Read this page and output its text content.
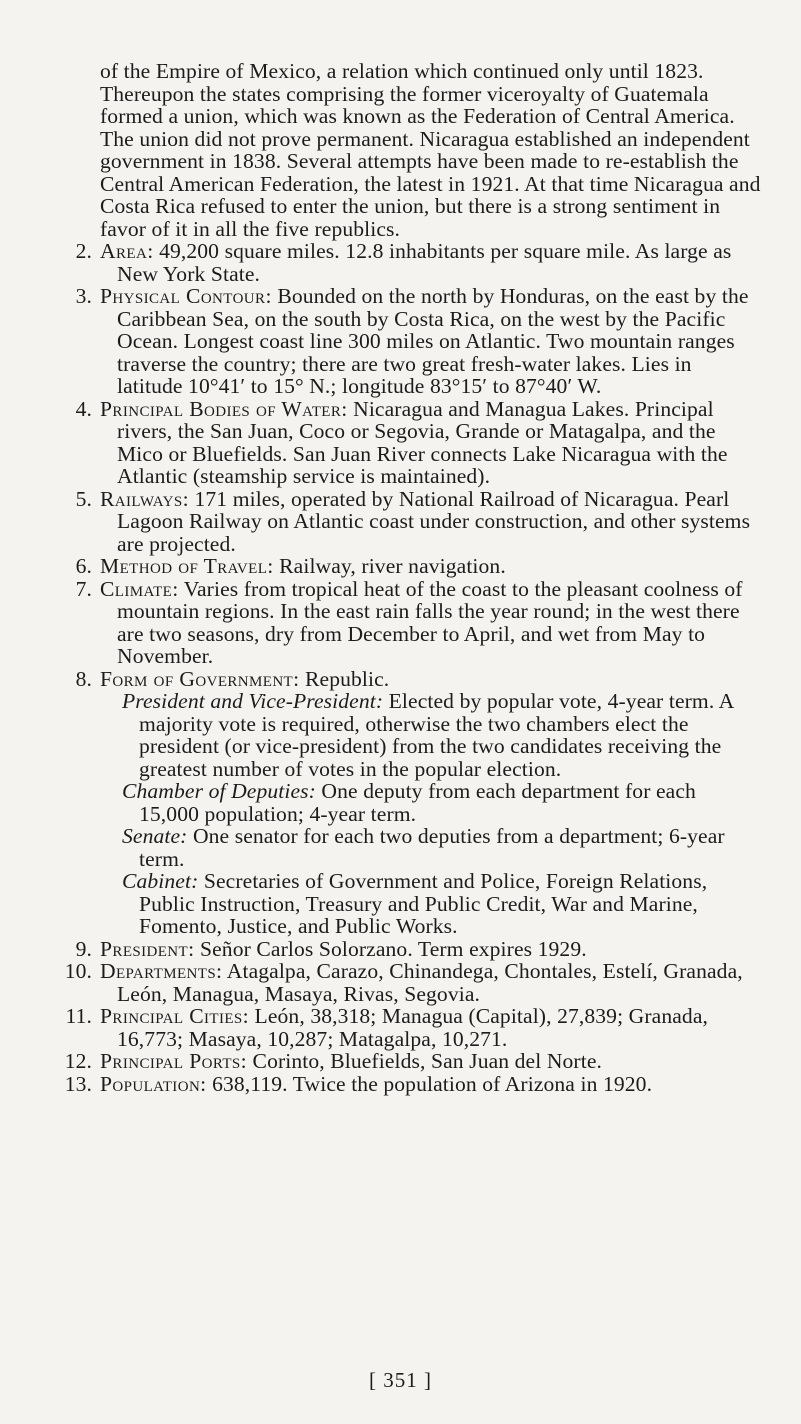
of the Empire of Mexico, a relation which continued only until 1823. Thereupon the states comprising the former viceroyalty of Guatemala formed a union, which was known as the Federation of Central America. The union did not prove permanent. Nicaragua established an independent government in 1838. Several attempts have been made to re-establish the Central American Federation, the latest in 1921. At that time Nicaragua and Costa Rica refused to enter the union, but there is a strong sentiment in favor of it in all the five republics.
2. Area: 49,200 square miles. 12.8 inhabitants per square mile. As large as New York State.
3. Physical Contour: Bounded on the north by Honduras, on the east by the Caribbean Sea, on the south by Costa Rica, on the west by the Pacific Ocean. Longest coast line 300 miles on Atlantic. Two mountain ranges traverse the country; there are two great fresh-water lakes. Lies in latitude 10°41′ to 15° N.; longitude 83°15′ to 87°40′ W.
4. Principal Bodies of Water: Nicaragua and Managua Lakes. Principal rivers, the San Juan, Coco or Segovia, Grande or Matagalpa, and the Mico or Bluefields. San Juan River connects Lake Nicaragua with the Atlantic (steamship service is maintained).
5. Railways: 171 miles, operated by National Railroad of Nicaragua. Pearl Lagoon Railway on Atlantic coast under construction, and other systems are projected.
6. Method of Travel: Railway, river navigation.
7. Climate: Varies from tropical heat of the coast to the pleasant coolness of mountain regions. In the east rain falls the year round; in the west there are two seasons, dry from December to April, and wet from May to November.
8. Form of Government: Republic.
President and Vice-President: Elected by popular vote, 4-year term. A majority vote is required, otherwise the two chambers elect the president (or vice-president) from the two candidates receiving the greatest number of votes in the popular election.
Chamber of Deputies: One deputy from each department for each 15,000 population; 4-year term.
Senate: One senator for each two deputies from a department; 6-year term.
Cabinet: Secretaries of Government and Police, Foreign Relations, Public Instruction, Treasury and Public Credit, War and Marine, Fomento, Justice, and Public Works.
9. President: Señor Carlos Solorzano. Term expires 1929.
10. Departments: Atagalpa, Carazo, Chinandega, Chontales, Estelí, Granada, León, Managua, Masaya, Rivas, Segovia.
11. Principal Cities: León, 38,318; Managua (Capital), 27,839; Granada, 16,773; Masaya, 10,287; Matagalpa, 10,271.
12. Principal Ports: Corinto, Bluefields, San Juan del Norte.
13. Population: 638,119. Twice the population of Arizona in 1920.
[ 351 ]
